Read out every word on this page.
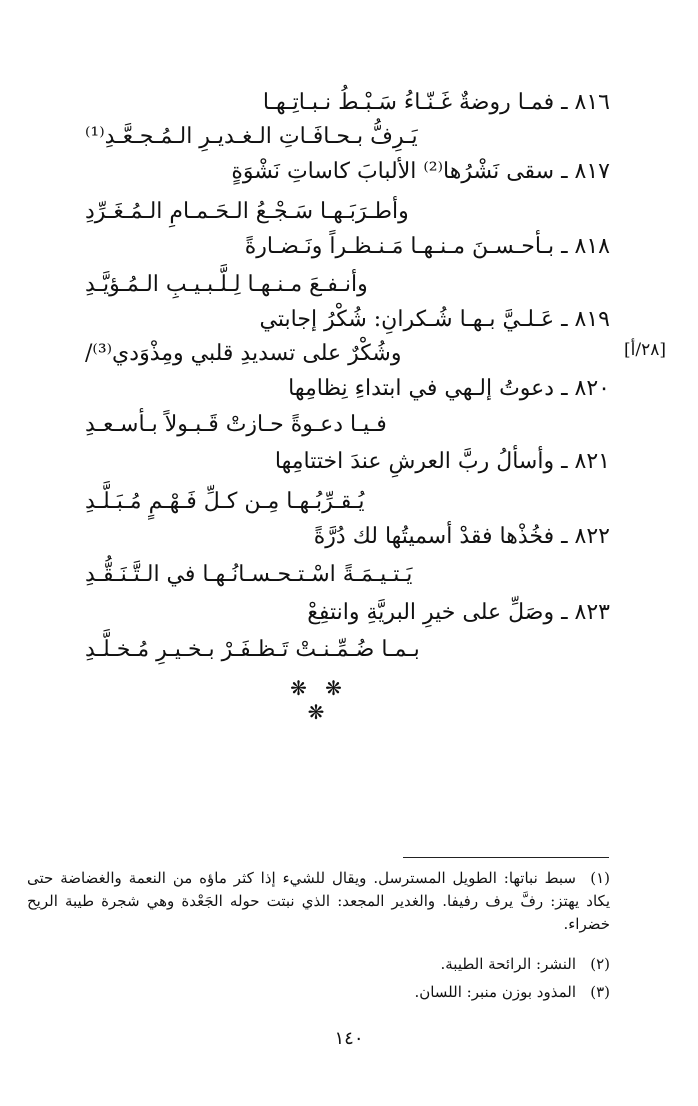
٨١٦ ـ فمـا روضةٌ غَـنّـاءُ سَـبْـطُ نـبـاتِـهـا
يَـرِفُّ بـحـافَـاتِ الـغـديـرِ الـمُـجـعَّـدِ⁽¹⁾
٨١٧ ـ سقى نَشْرُها⁽²⁾ الألبابَ كاساتِ نَشْوَةٍ
وأطـرَبَـهـا سَـجْـعُ الـحَـمـامِ الـمُـغَـرِّدِ
٨١٨ ـ بـأحـسـنَ مـنـهـا مَـنـظـراً ونَـضـارةً
وأنـفـعَ مـنـهـا لِـلَّـبـيـبِ الـمُـؤيَّـدِ
٨١٩ ـ عَـلـيَّ بـهـا شُـكرانِ: شُكْرُ إجابتي
وشُكْرٌ على تسديدِ قلبي ومِذْوَدي⁽³⁾/	[٢٨/أ]
٨٢٠ ـ دعوتُ إلـهي في ابتداءِ نِظامِها
فـيـا دعـوةً حـازتْ قَـبـولاً بـأسـعـدِ
٨٢١ ـ وأسألُ ربَّ العرشِ عندَ اختتامِها
يُـقـرِّبُـهـا مِـن كـلِّ فَـهْـمٍ مُـبَـلَّـدِ
٨٢٢ ـ فخُذْها فقدْ أسميتُها لك دُرَّةً
يَـتـيـمَـةً اسْـتـحـسـانُـهـا في الـتَّـنَـقُّـدِ
٨٢٣ ـ وصَلِّ على خيرِ البريَّةِ وانتفِعْ
بـمـا ضُـمِّـنـتْ تَـظـفَـرْ بـخـيـرِ مُـخـلَّـدِ
❋ ❋ ❋
(١)سبط نباتها: الطويل المسترسل. ويقال للشيء إذا كثر ماؤه من النعمة والغضاضة حتى يكاد يهتز: رفَّ يرف رفيفا. والغدير المجعد: الذي نبتت حوله الجَعْدة وهي شجرة طيبة الريح خضراء.
(٢)النشر: الرائحة الطيبة.
(٣)المذود بوزن منبر: اللسان.
١٤٠
